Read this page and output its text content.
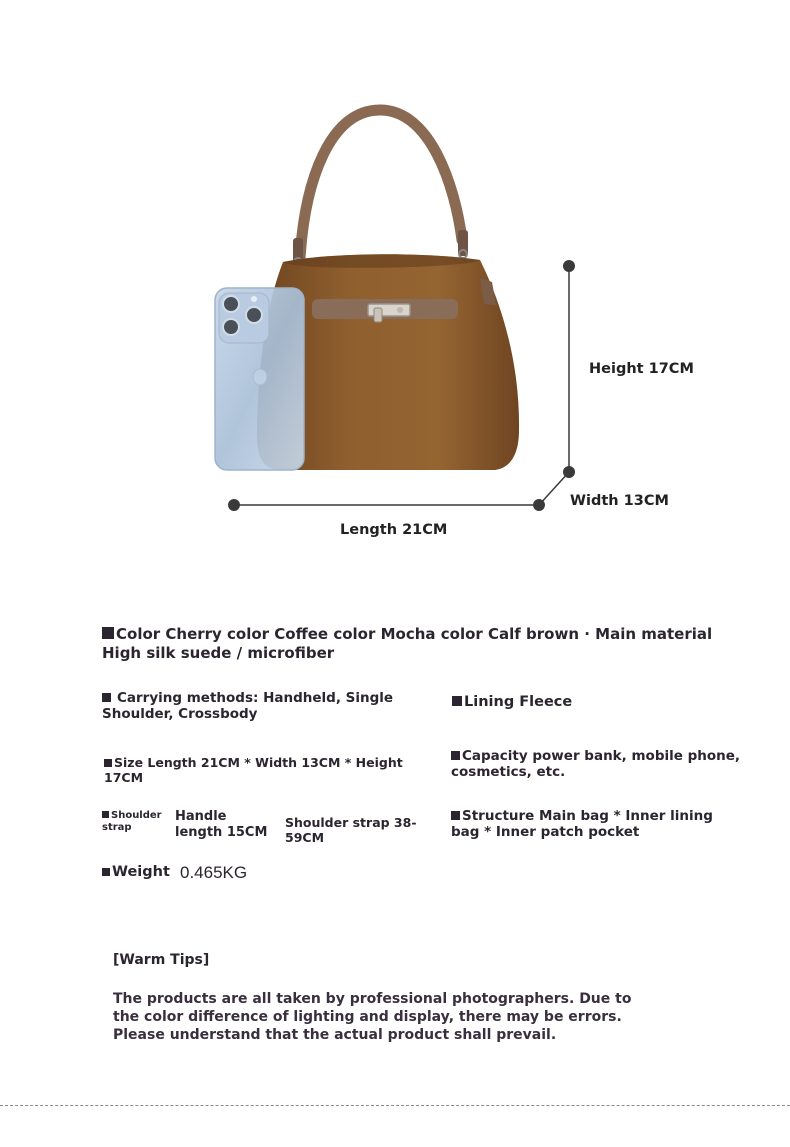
Height 17CM
Width 13CM
Length 21CM
Color Cherry color Coffee color Mocha color Calf brown · Main material High silk suede / microfiber
Carrying methods: Handheld, Single Shoulder, Crossbody
Lining Fleece
Size Length 21CM * Width 13CM * Height 17CM
Capacity power bank, mobile phone, cosmetics, etc.
Shoulder strap
Handle length 15CM
Shoulder strap 38-59CM
Structure Main bag * Inner lining bag * Inner patch pocket
Weight 0.465KG
[Warm Tips]
The products are all taken by professional photographers. Due to the color difference of lighting and display, there may be errors. Please understand that the actual product shall prevail.
